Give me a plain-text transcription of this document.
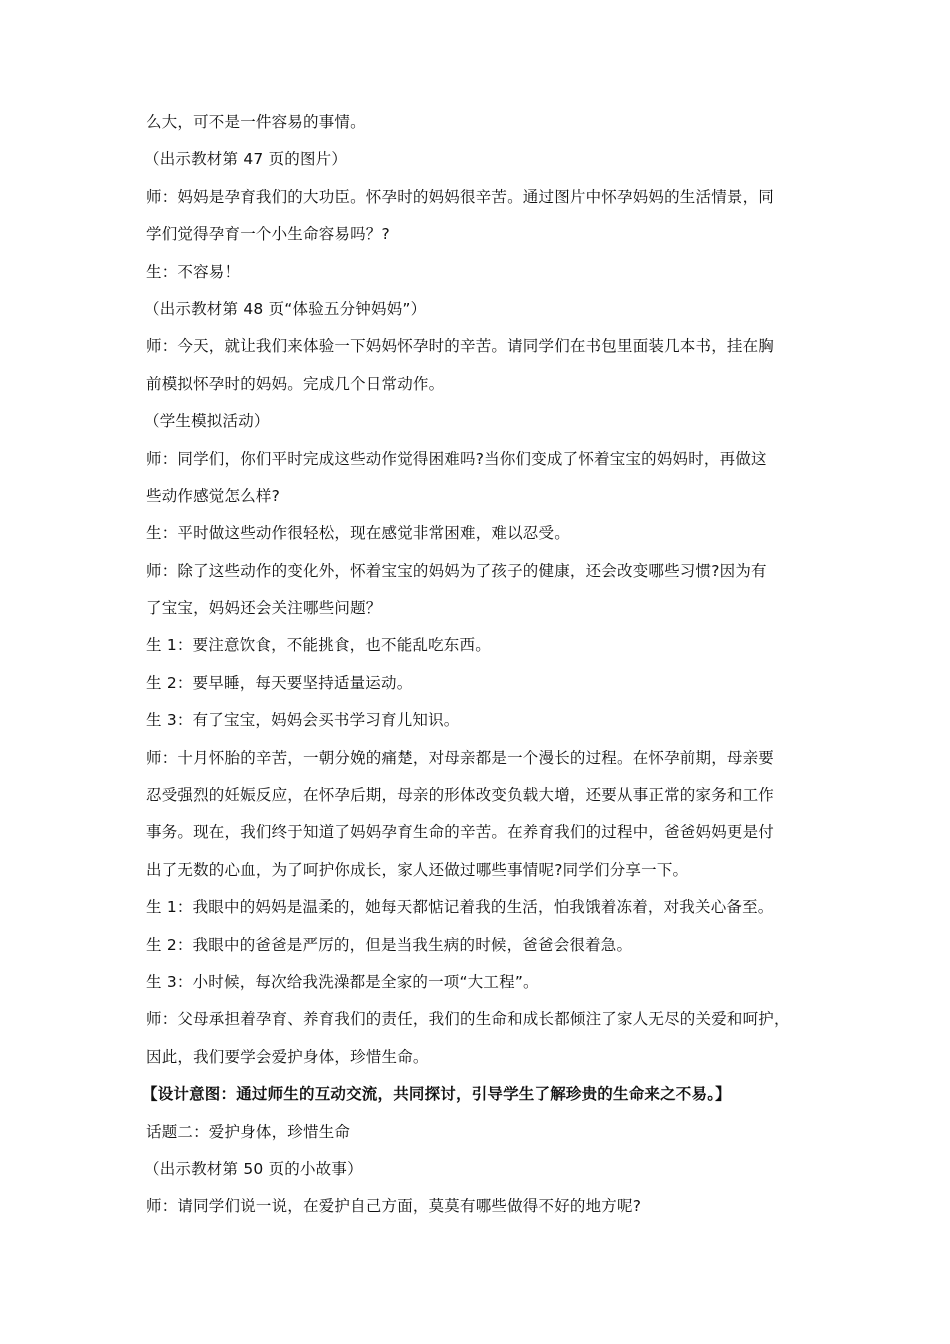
么大，可不是一件容易的事情。
（出示教材第 47 页的图片）
师：妈妈是孕育我们的大功臣。怀孕时的妈妈很辛苦。通过图片中怀孕妈妈的生活情景，同
学们觉得孕育一个小生命容易吗？?
生：不容易！
（出示教材第 48 页“体验五分钟妈妈”）
师：今天，就让我们来体验一下妈妈怀孕时的辛苦。请同学们在书包里面装几本书，挂在胸
前模拟怀孕时的妈妈。完成几个日常动作。
（学生模拟活动）
师：同学们，你们平时完成这些动作觉得困难吗?当你们变成了怀着宝宝的妈妈时，再做这
些动作感觉怎么样?
生：平时做这些动作很轻松，现在感觉非常困难，难以忍受。
师：除了这些动作的变化外，怀着宝宝的妈妈为了孩子的健康，还会改变哪些习惯?因为有
了宝宝，妈妈还会关注哪些问题？
生 1：要注意饮食，不能挑食，也不能乱吃东西。
生 2：要早睡，每天要坚持适量运动。
生 3：有了宝宝，妈妈会买书学习育儿知识。
师：十月怀胎的辛苦，一朝分娩的痛楚，对母亲都是一个漫长的过程。在怀孕前期，母亲要
忍受强烈的妊娠反应，在怀孕后期，母亲的形体改变负载大增，还要从事正常的家务和工作
事务。现在，我们终于知道了妈妈孕育生命的辛苦。在养育我们的过程中，爸爸妈妈更是付
出了无数的心血，为了呵护你成长，家人还做过哪些事情呢?同学们分享一下。
生 1：我眼中的妈妈是温柔的，她每天都惦记着我的生活，怕我饿着冻着，对我关心备至。
生 2：我眼中的爸爸是严厉的，但是当我生病的时候，爸爸会很着急。
生 3：小时候，每次给我洗澡都是全家的一项“大工程”。
师：父母承担着孕育、养育我们的责任，我们的生命和成长都倾注了家人无尽的关爱和呵护，
因此，我们要学会爱护身体，珍惜生命。
【设计意图：通过师生的互动交流，共同探讨，引导学生了解珍贵的生命来之不易。】
话题二：爱护身体，珍惜生命
（出示教材第 50 页的小故事）
师：请同学们说一说，在爱护自己方面，莫莫有哪些做得不好的地方呢?
